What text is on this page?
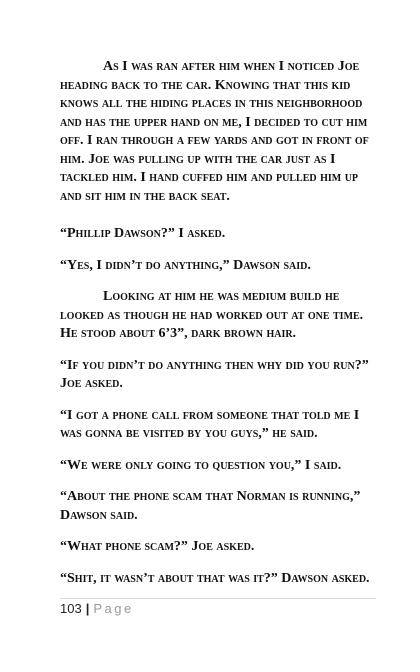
As I was ran after him when I noticed Joe heading back to the car. Knowing that this kid knows all the hiding places in this neighborhood and has the upper hand on me, I decided to cut him off. I ran through a few yards and got in front of him. Joe was pulling up with the car just as I tackled him. I hand cuffed him and pulled him up and sit him in the back seat.

“Phillip Dawson?” I asked.

“Yes, I didn’t do anything,” Dawson said.

Looking at him he was medium build he looked as though he had worked out at one time. He stood about 6’3”, dark brown hair.

“If you didn’t do anything then why did you run?” Joe asked.

“I got a phone call from someone that told me I was gonna be visited by you guys,” he said.

“We were only going to question you,” I said.

“About the phone scam that Norman is running,” Dawson said.

“What phone scam?” Joe asked.

“Shit, it wasn’t about that was it?” Dawson asked.

103 | Page
